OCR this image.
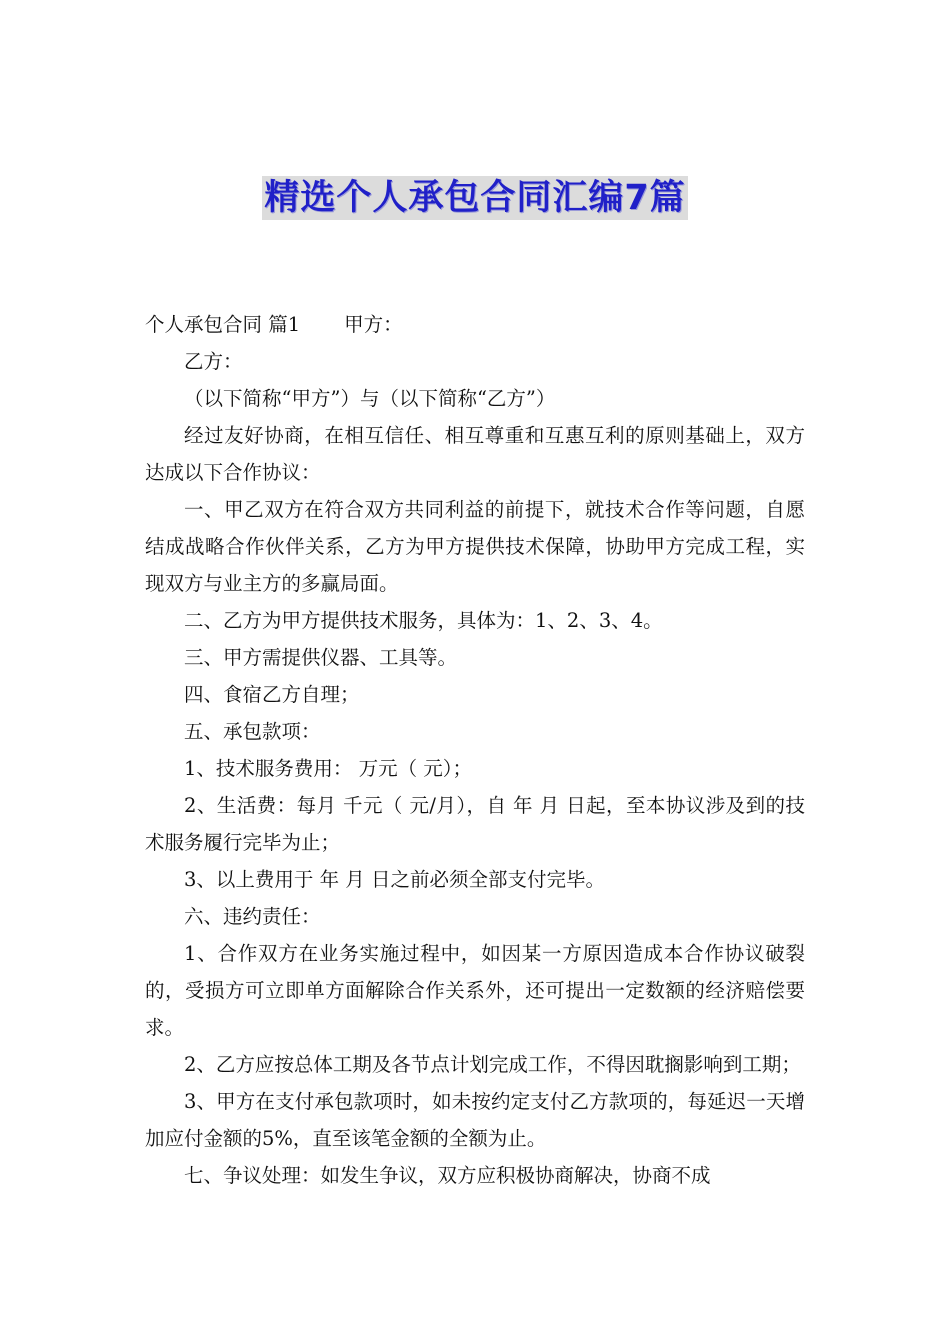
精选个人承包合同汇编7篇

个人承包合同 篇1 甲方：

乙方：

（以下简称“甲方”）与（以下简称“乙方”）

经过友好协商，在相互信任、相互尊重和互惠互利的原则基础上，双方达成以下合作协议：

一、甲乙双方在符合双方共同利益的前提下，就技术合作等问题，自愿结成战略合作伙伴关系，乙方为甲方提供技术保障，协助甲方完成工程，实现双方与业主方的多赢局面。

二、乙方为甲方提供技术服务，具体为：1、2、3、4。

三、甲方需提供仪器、工具等。

四、食宿乙方自理；

五、承包款项：

1、技术服务费用： 万元（ 元）；

2、生活费：每月 千元（ 元/月），自 年 月 日起，至本协议涉及到的技术服务履行完毕为止；

3、以上费用于 年 月 日之前必须全部支付完毕。

六、违约责任：

1、合作双方在业务实施过程中，如因某一方原因造成本合作协议破裂的，受损方可立即单方面解除合作关系外，还可提出一定数额的经济赔偿要求。

2、乙方应按总体工期及各节点计划完成工作，不得因耽搁影响到工期；

3、甲方在支付承包款项时，如未按约定支付乙方款项的，每延迟一天增加应付金额的5%，直至该笔金额的全额为止。

七、争议处理：如发生争议，双方应积极协商解决，协商不成
